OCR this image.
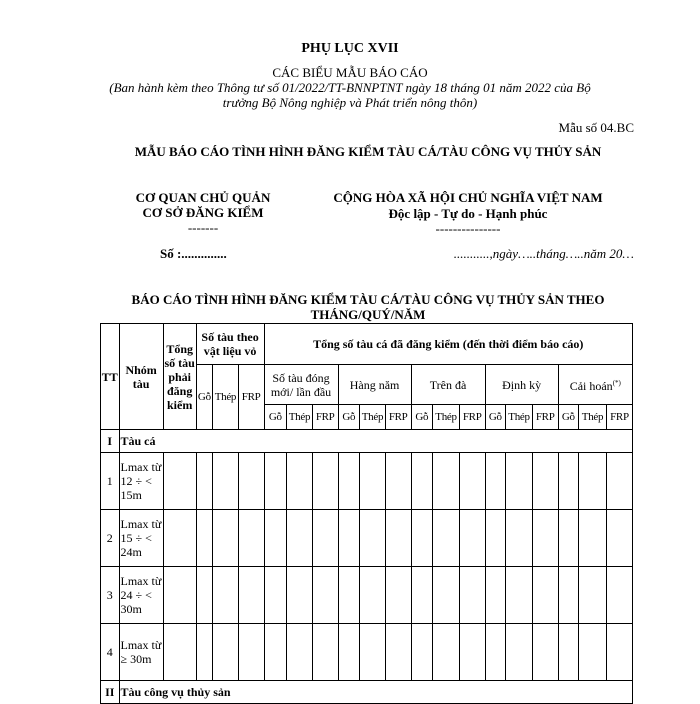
PHỤ LỤC XVII
CÁC BIỂU MẪU BÁO CÁO
(Ban hành kèm theo Thông tư số 01/2022/TT-BNNPTNT ngày 18 tháng 01 năm 2022 của Bộ
trưởng Bộ Nông nghiệp và Phát triển nông thôn)
Mẫu số 04.BC
MẪU BÁO CÁO TÌNH HÌNH ĐĂNG KIỂM TÀU CÁ/TÀU CÔNG VỤ THỦY SẢN
CƠ QUAN CHỦ QUẢN
CƠ SỞ ĐĂNG KIỂM
-------
Số :..............
CỘNG HÒA XÃ HỘI CHỦ NGHĨA VIỆT NAM
Độc lập - Tự do - Hạnh phúc
---------------
...........,ngày…..tháng…..năm 20…
BÁO CÁO TÌNH HÌNH ĐĂNG KIỂM TÀU CÁ/TÀU CÔNG VỤ THỦY SẢN THEO
THÁNG/QUÝ/NĂM
TT	Nhóm tàu	Tổng số tàu phải đăng kiểm	Số tàu theo vật liệu vỏ			Tổng số tàu cá đã đăng kiểm (đến thời điểm báo cáo)														
			Gỗ	Thép	FRP	Số tàu đóng mới/ lần đầu			Hàng năm			Trên đà			Định kỳ			Cải hoán(*)
						Gỗ	Thép	FRP	Gỗ	Thép	FRP	Gỗ	Thép	FRP	Gỗ	Thép	FRP	Gỗ	Thép	FRP
I	Tàu cá																			
1	Lmax từ 12 ÷ < 15m																			
2	Lmax từ 15 ÷ < 24m																			
3	Lmax từ 24 ÷ < 30m																			
4	Lmax từ ≥ 30m																			
II	Tàu công vụ thủy sản																			
